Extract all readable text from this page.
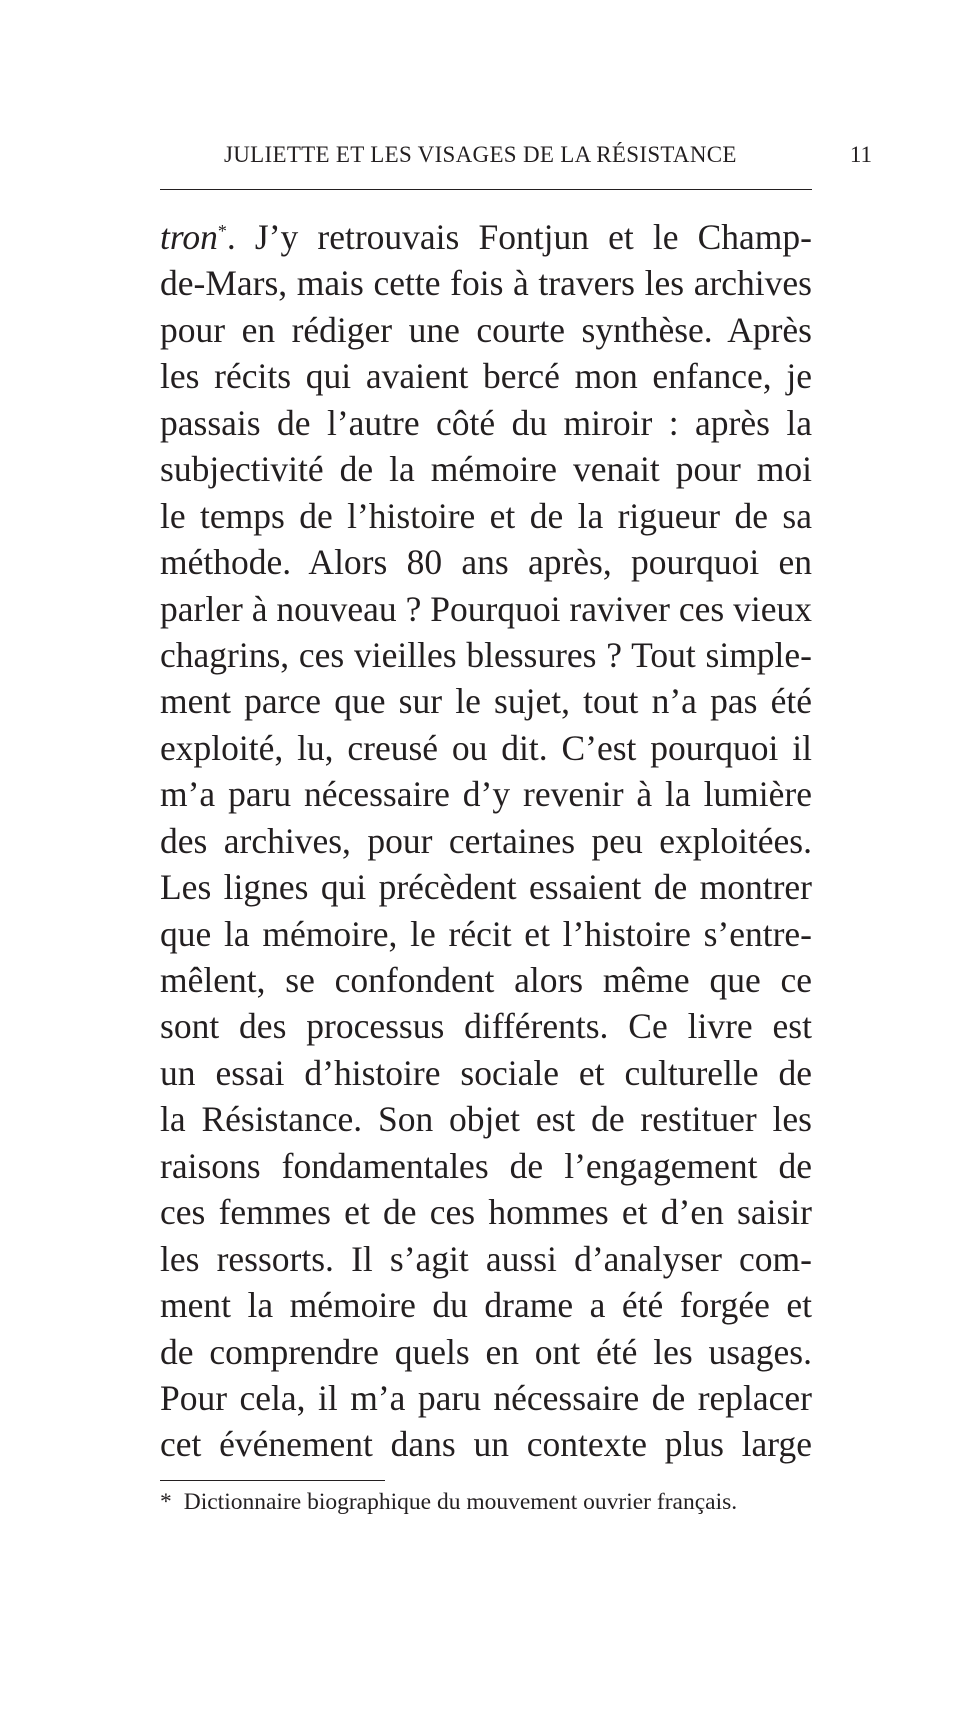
JULIETTE ET LES VISAGES DE LA RÉSISTANCE	11
tron*. J’y retrouvais Fontjun et le Champ-
de-Mars, mais cette fois à travers les archives
pour en rédiger une courte synthèse. Après
les récits qui avaient bercé mon enfance, je
passais de l’autre côté du miroir : après la
subjectivité de la mémoire venait pour moi
le temps de l’histoire et de la rigueur de sa
méthode. Alors 80 ans après, pourquoi en
parler à nouveau ? Pourquoi raviver ces vieux
chagrins, ces vieilles blessures ? Tout simple-
ment parce que sur le sujet, tout n’a pas été
exploité, lu, creusé ou dit. C’est pourquoi il
m’a paru nécessaire d’y revenir à la lumière
des archives, pour certaines peu exploitées.
Les lignes qui précèdent essaient de montrer
que la mémoire, le récit et l’histoire s’entre-
mêlent, se confondent alors même que ce
sont des processus différents. Ce livre est
un essai d’histoire sociale et culturelle de
la Résistance. Son objet est de restituer les
raisons fondamentales de l’engagement de
ces femmes et de ces hommes et d’en saisir
les ressorts. Il s’agit aussi d’analyser com-
ment la mémoire du drame a été forgée et
de comprendre quels en ont été les usages.
Pour cela, il m’a paru nécessaire de replacer
cet événement dans un contexte plus large
* Dictionnaire biographique du mouvement ouvrier français.
